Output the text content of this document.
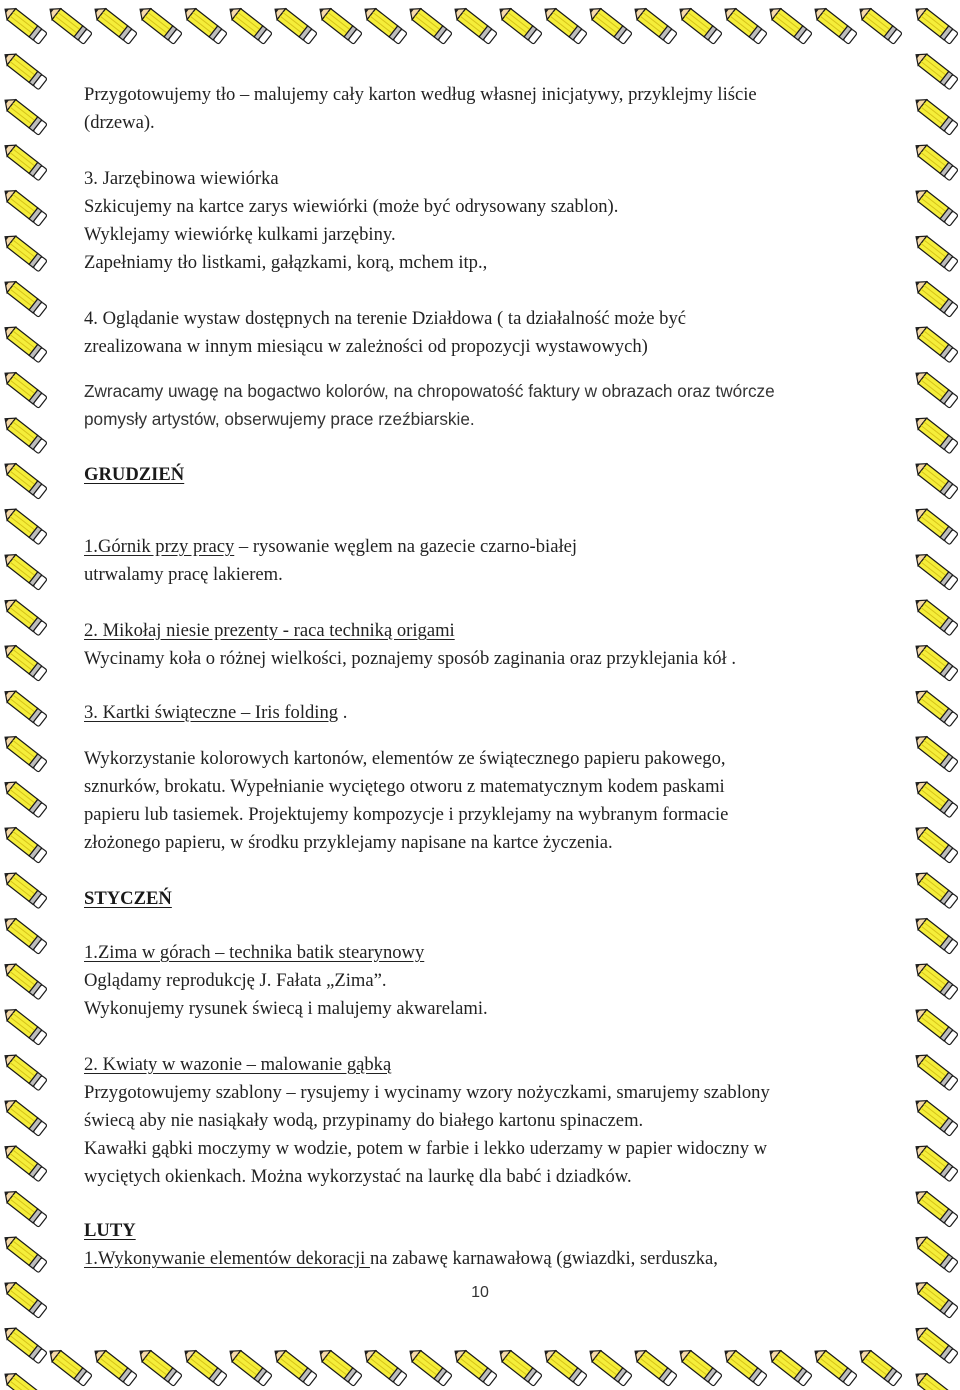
Przygotowujemy tło – malujemy cały karton według własnej inicjatywy, przyklejmy liście
(drzewa).
3. Jarzębinowa wiewiórka
Szkicujemy na kartce zarys wiewiórki (może być odrysowany szablon).
Wyklejamy wiewiórkę kulkami jarzębiny.
Zapełniamy tło listkami, gałązkami, korą, mchem itp.,
4. Oglądanie wystaw dostępnych na terenie Działdowa ( ta działalność może być
zrealizowana w innym miesiącu w zależności od propozycji wystawowych)
Zwracamy uwagę na bogactwo kolorów, na chropowatość faktury w obrazach oraz twórcze
pomysły artystów, obserwujemy prace rzeźbiarskie.
GRUDZIEŃ
1.Górnik przy pracy – rysowanie węglem na gazecie czarno-białej
utrwalamy pracę lakierem.
2. Mikołaj niesie prezenty - raca techniką origami
Wycinamy koła o różnej wielkości, poznajemy sposób zaginania oraz przyklejania kół .
3. Kartki świąteczne – Iris folding .
Wykorzystanie kolorowych kartonów, elementów ze świątecznego papieru pakowego,
sznurków, brokatu. Wypełnianie wyciętego otworu z matematycznym kodem paskami
papieru lub tasiemek. Projektujemy kompozycje i przyklejamy na wybranym formacie
złożonego papieru, w środku przyklejamy napisane na kartce życzenia.
STYCZEŃ
1.Zima w górach – technika batik stearynowy
Oglądamy reprodukcję J. Fałata „Zima”.
Wykonujemy rysunek świecą i malujemy akwarelami.
2. Kwiaty w wazonie – malowanie gąbką
Przygotowujemy szablony – rysujemy i wycinamy wzory nożyczkami, smarujemy szablony
świecą aby nie nasiąkały wodą, przypinamy do białego kartonu spinaczem.
Kawałki gąbki moczymy w wodzie, potem w farbie i lekko uderzamy w papier widoczny w
wyciętych okienkach. Można wykorzystać na laurkę dla babć i dziadków.
LUTY
1.Wykonywanie elementów dekoracji na zabawę karnawałową (gwiazdki, serduszka,
10
